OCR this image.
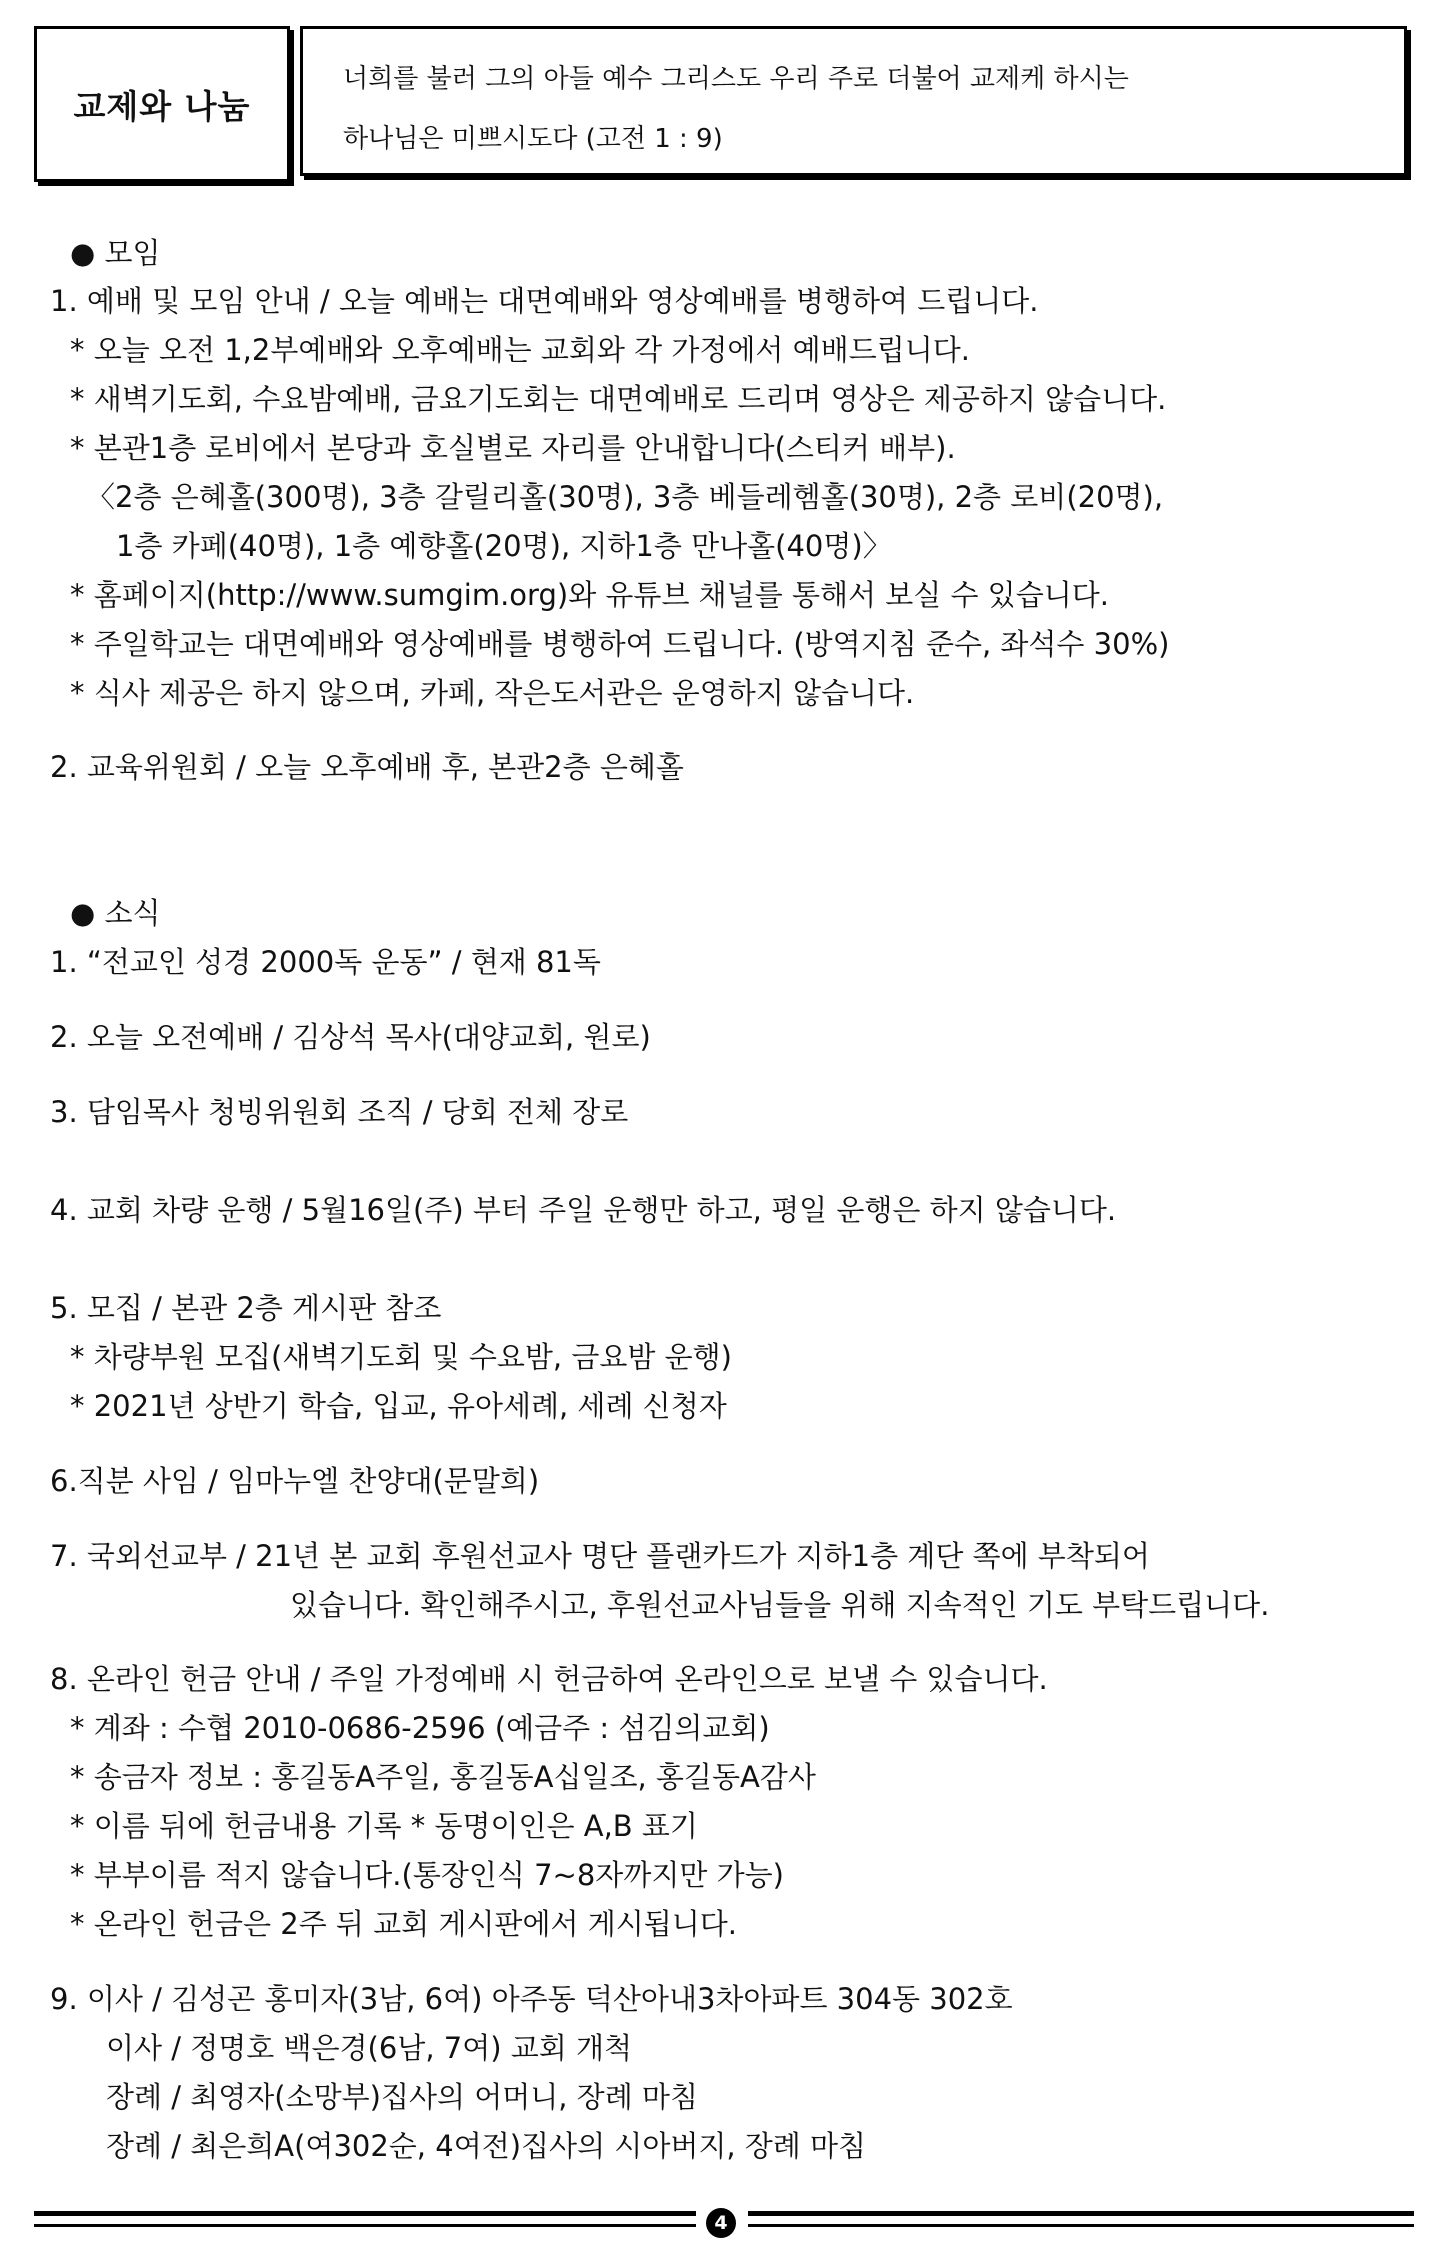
교제와 나눔
너희를 불러 그의 아들 예수 그리스도 우리 주로 더불어 교제케 하시는
하나님은 미쁘시도다 (고전 1 : 9)
● 모임
1. 예배 및 모임 안내 / 오늘 예배는 대면예배와 영상예배를 병행하여 드립니다.
* 오늘 오전 1,2부예배와 오후예배는 교회와 각 가정에서 예배드립니다.
* 새벽기도회, 수요밤예배, 금요기도회는 대면예배로 드리며 영상은 제공하지 않습니다.
* 본관1층 로비에서 본당과 호실별로 자리를 안내합니다(스티커 배부).
〈2층 은혜홀(300명), 3층 갈릴리홀(30명), 3층 베들레헴홀(30명), 2층 로비(20명),
1층 카페(40명), 1층 예향홀(20명), 지하1층 만나홀(40명)〉
* 홈페이지(http://www.sumgim.org)와 유튜브 채널를 통해서 보실 수 있습니다.
* 주일학교는 대면예배와 영상예배를 병행하여 드립니다. (방역지침 준수, 좌석수 30%)
* 식사 제공은 하지 않으며, 카페, 작은도서관은 운영하지 않습니다.
2. 교육위원회 / 오늘 오후예배 후, 본관2층 은혜홀
● 소식
1. “전교인 성경 2000독 운동” / 현재 81독
2. 오늘 오전예배 / 김상석 목사(대양교회, 원로)
3. 담임목사 청빙위원회 조직 / 당회 전체 장로
4. 교회 차량 운행 / 5월16일(주) 부터 주일 운행만 하고, 평일 운행은 하지 않습니다.
5. 모집 / 본관 2층 게시판 참조
* 차량부원 모집(새벽기도회 및 수요밤, 금요밤 운행)
* 2021년 상반기 학습, 입교, 유아세례, 세례 신청자
6.직분 사임 / 임마누엘 찬양대(문말희)
7. 국외선교부 / 21년 본 교회 후원선교사 명단 플랜카드가 지하1층 계단 쪽에 부착되어
있습니다. 확인해주시고, 후원선교사님들을 위해 지속적인 기도 부탁드립니다.
8. 온라인 헌금 안내 / 주일 가정예배 시 헌금하여 온라인으로 보낼 수 있습니다.
* 계좌 : 수협 2010-0686-2596 (예금주 : 섬김의교회)
* 송금자 정보 : 홍길동A주일, 홍길동A십일조, 홍길동A감사
* 이름 뒤에 헌금내용 기록 * 동명이인은 A,B 표기
* 부부이름 적지 않습니다.(통장인식 7~8자까지만 가능)
* 온라인 헌금은 2주 뒤 교회 게시판에서 게시됩니다.
9. 이사 / 김성곤 홍미자(3남, 6여) 아주동 덕산아내3차아파트 304동 302호
이사 / 정명호 백은경(6남, 7여) 교회 개척
장례 / 최영자(소망부)집사의 어머니, 장례 마침
장례 / 최은희A(여302순, 4여전)집사의 시아버지, 장례 마침
4
